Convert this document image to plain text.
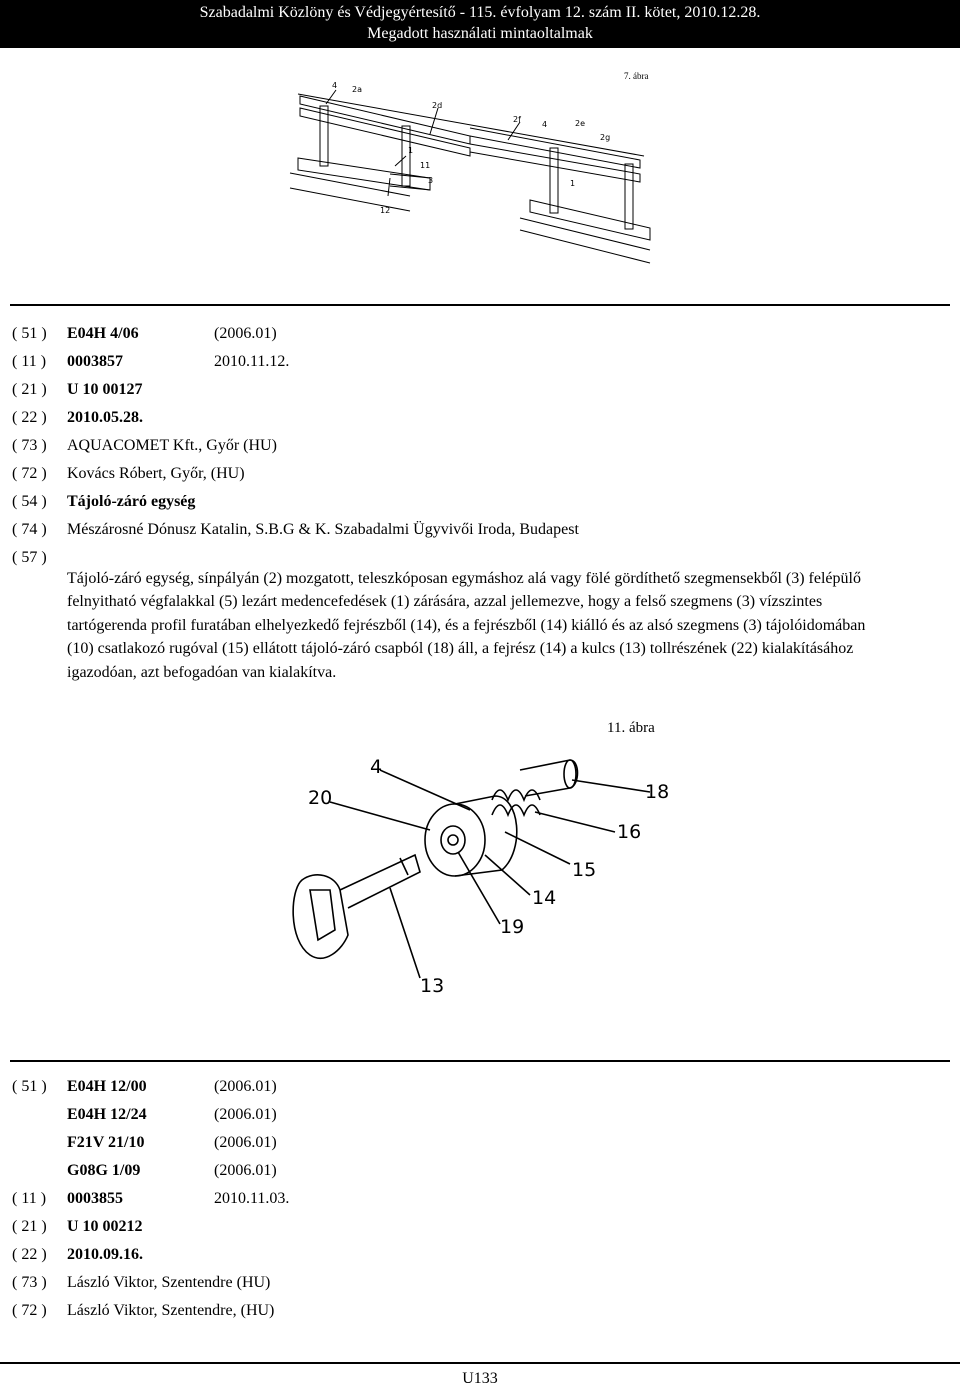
Szabadalmi Közlöny és Védjegyértesítő - 115. évfolyam 12. szám II. kötet, 2010.12.28.
Megadott használati mintaoltalmak
7. ábra
4 2a
2d
2f
4	2e
2g
1
11
3
12
1
( 51 )	E04H 4/06	(2006.01)
( 11 )	0003857	2010.11.12.
( 21 )	U 10 00127
( 22 )	2010.05.28.
( 73 )	AQUACOMET Kft., Győr (HU)
( 72 )	Kovács Róbert, Győr, (HU)
( 54 )	Tájoló-záró egység
( 74 )	Mészárosné Dónusz Katalin, S.B.G & K. Szabadalmi Ügyvivői Iroda, Budapest
( 57 )
Tájoló-záró egység, sínpályán (2) mozgatott, teleszkóposan egymáshoz alá vagy fölé gördíthető szegmensekből (3) felépülő felnyitható végfalakkal (5) lezárt medencefedések (1) zárására, azzal jellemezve, hogy a felső szegmens (3) vízszintes tartógerenda profil furatában elhelyezkedő fejrészből (14), és a fejrészből (14) kiálló és az alsó szegmens (3) tájolóidomában (10) csatlakozó rugóval (15) ellátott tájoló-záró csapból (18) áll, a fejrész (14) a kulcs (13) tollrészének (22) kialakításához igazodóan, azt befogadóan van kialakítva.
11. ábra
4
20	18
16
15
14
19
13
( 51 )	E04H 12/00	(2006.01)
E04H 12/24	(2006.01)
F21V 21/10	(2006.01)
G08G 1/09	(2006.01)
( 11 )	0003855	2010.11.03.
( 21 )	U 10 00212
( 22 )	2010.09.16.
( 73 )	László Viktor, Szentendre (HU)
( 72 )	László Viktor, Szentendre, (HU)
U133
